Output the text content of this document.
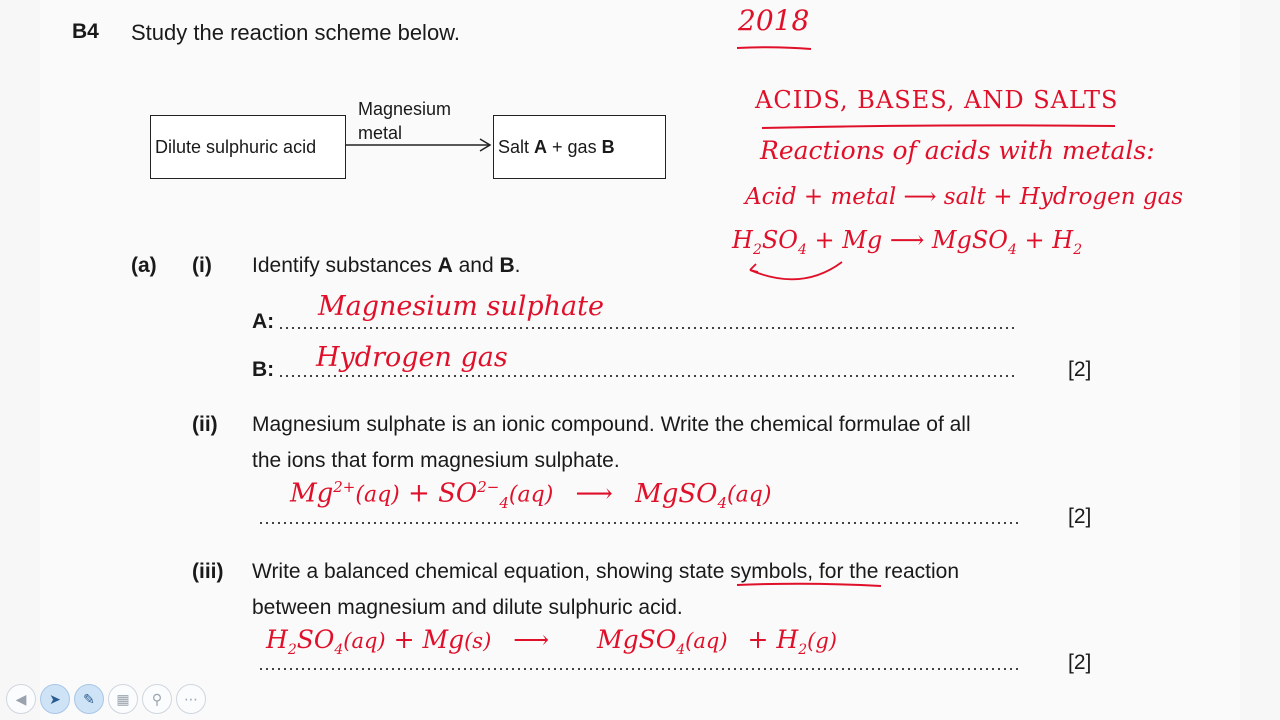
B4 Study the reaction scheme below.
Dilute sulphuric acid
Magnesium
metal
Salt A + gas B
(a) (i) Identify substances A and B.
A:
B:	[2]
(ii) Magnesium sulphate is an ionic compound. Write the chemical formulae of all
the ions that form magnesium sulphate.
[2]
(iii) Write a balanced chemical equation, showing state symbols, for the reaction
between magnesium and dilute sulphuric acid.
[2]
2018
ACIDS, BASES, AND SALTS
Reactions of acids with metals:
Acid + metal ⟶ salt + Hydrogen gas
$H_2SO_4 + Mg$ ⟶ MgSO$_4$ + $H_2$
Magnesium sulphate
Hydrogen gas
$Mg^{2+}(aq) + SO^{2-}_4(aq)$ ⟶ MgSO$_4$(aq)
$H_2SO_4(aq) + Mg(s)$ ⟶ MgSO$_4$(aq) + $H_2(g)$
◀	➤	✎	▦	⚲	⋯
